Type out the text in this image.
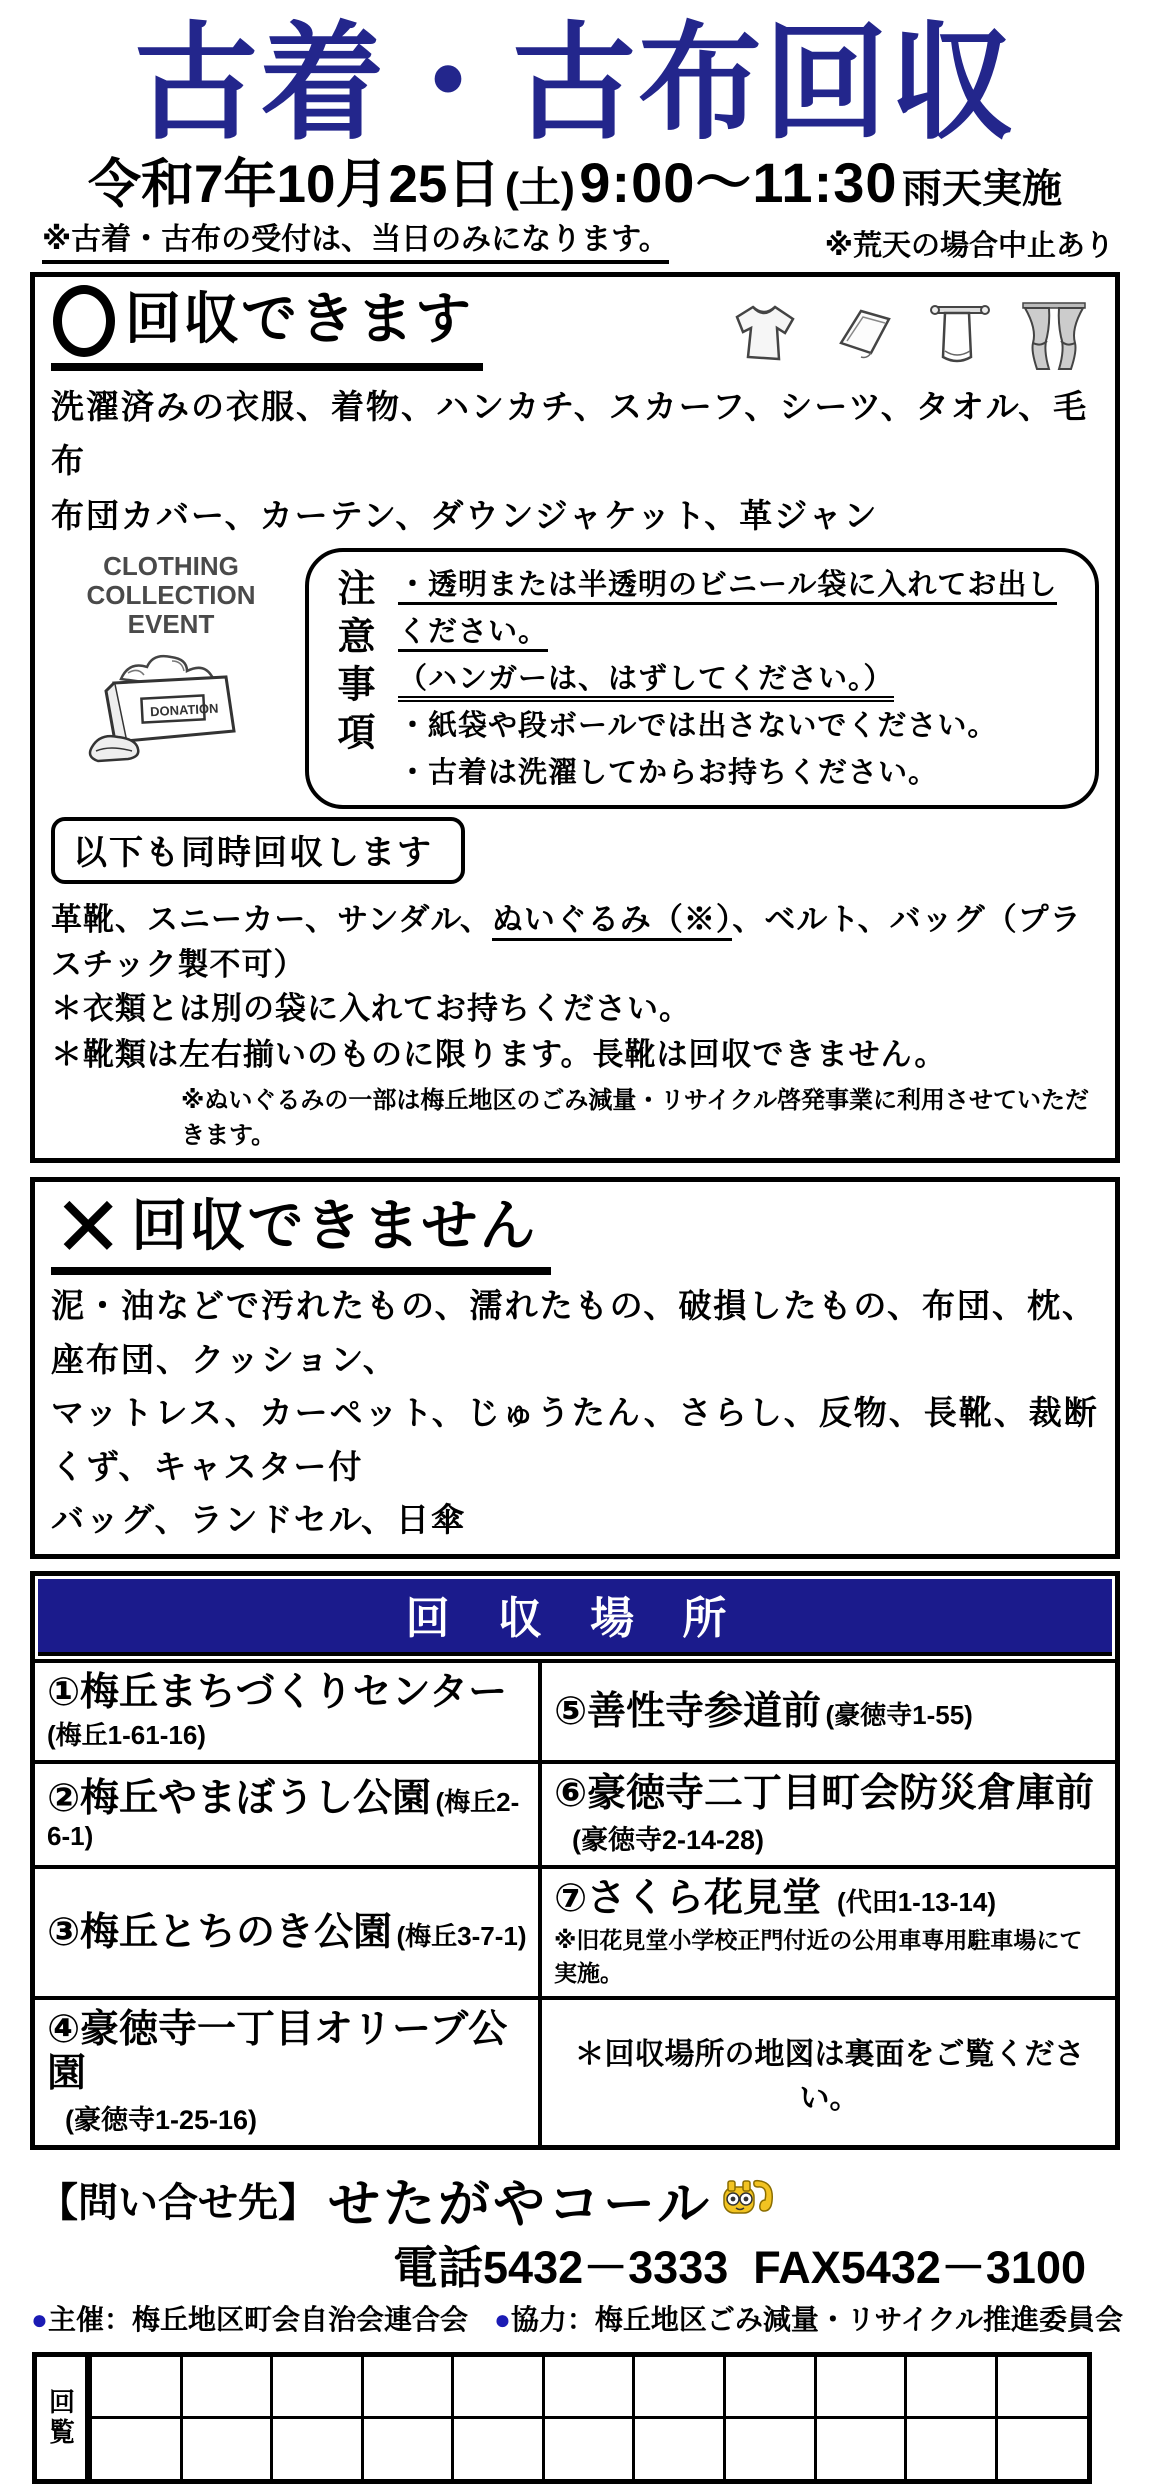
古着・古布回収
令和7年10月25日 (土) 9:00～11:30 雨天実施
※古着・古布の受付は、当日のみになります。	※荒天の場合中止あり
回収できます
洗濯済みの衣服、着物、ハンカチ、スカーフ、シーツ、タオル、毛布
布団カバー、カーテン、ダウンジャケット、革ジャン
CLOTHING
COLLECTION
EVENT
DONATION	注意事項 ・透明または半透明のビニール袋に入れてお出しください。
（ハンガーは、はずしてください。）
・紙袋や段ボールでは出さないでください。
・古着は洗濯してからお持ちください。
以下も同時回収します
革靴、スニーカー、サンダル、ぬいぐるみ（※）、ベルト、バッグ（プラスチック製不可）
＊衣類とは別の袋に入れてお持ちください。
＊靴類は左右揃いのものに限ります。長靴は回収できません。
※ぬいぐるみの一部は梅丘地区のごみ減量・リサイクル啓発事業に利用させていただきます。
✕ 回収できません
泥・油などで汚れたもの、濡れたもの、破損したもの、布団、枕、座布団、クッション、
マットレス、カーペット、じゅうたん、さらし、反物、長靴、裁断くず、キャスター付
バッグ、ランドセル、日傘
回 収 場 所
①梅丘まちづくりセンター(梅丘1-61-16)	⑤善性寺参道前 (豪徳寺1-55)
②梅丘やまぼうし公園 (梅丘2-6-1)	⑥豪徳寺二丁目町会防災倉庫前
(豪徳寺2-14-28)

③梅丘とちのき公園 (梅丘3-7-1)	⑦さくら花見堂　 (代田1-13-14)
※旧花見堂小学校正門付近の公用車専用駐車場にて実施。

④豪徳寺一丁目オリーブ公園
(豪徳寺1-25-16)	＊回収場所の地図は裏面をご覧ください。
【問い合せ先】 せたがやコール
電話5432－3333 FAX5432－3100
●主催：梅丘地区町会自治会連合会 ●協力：梅丘地区ごみ減量・リサイクル推進委員会
回覧
